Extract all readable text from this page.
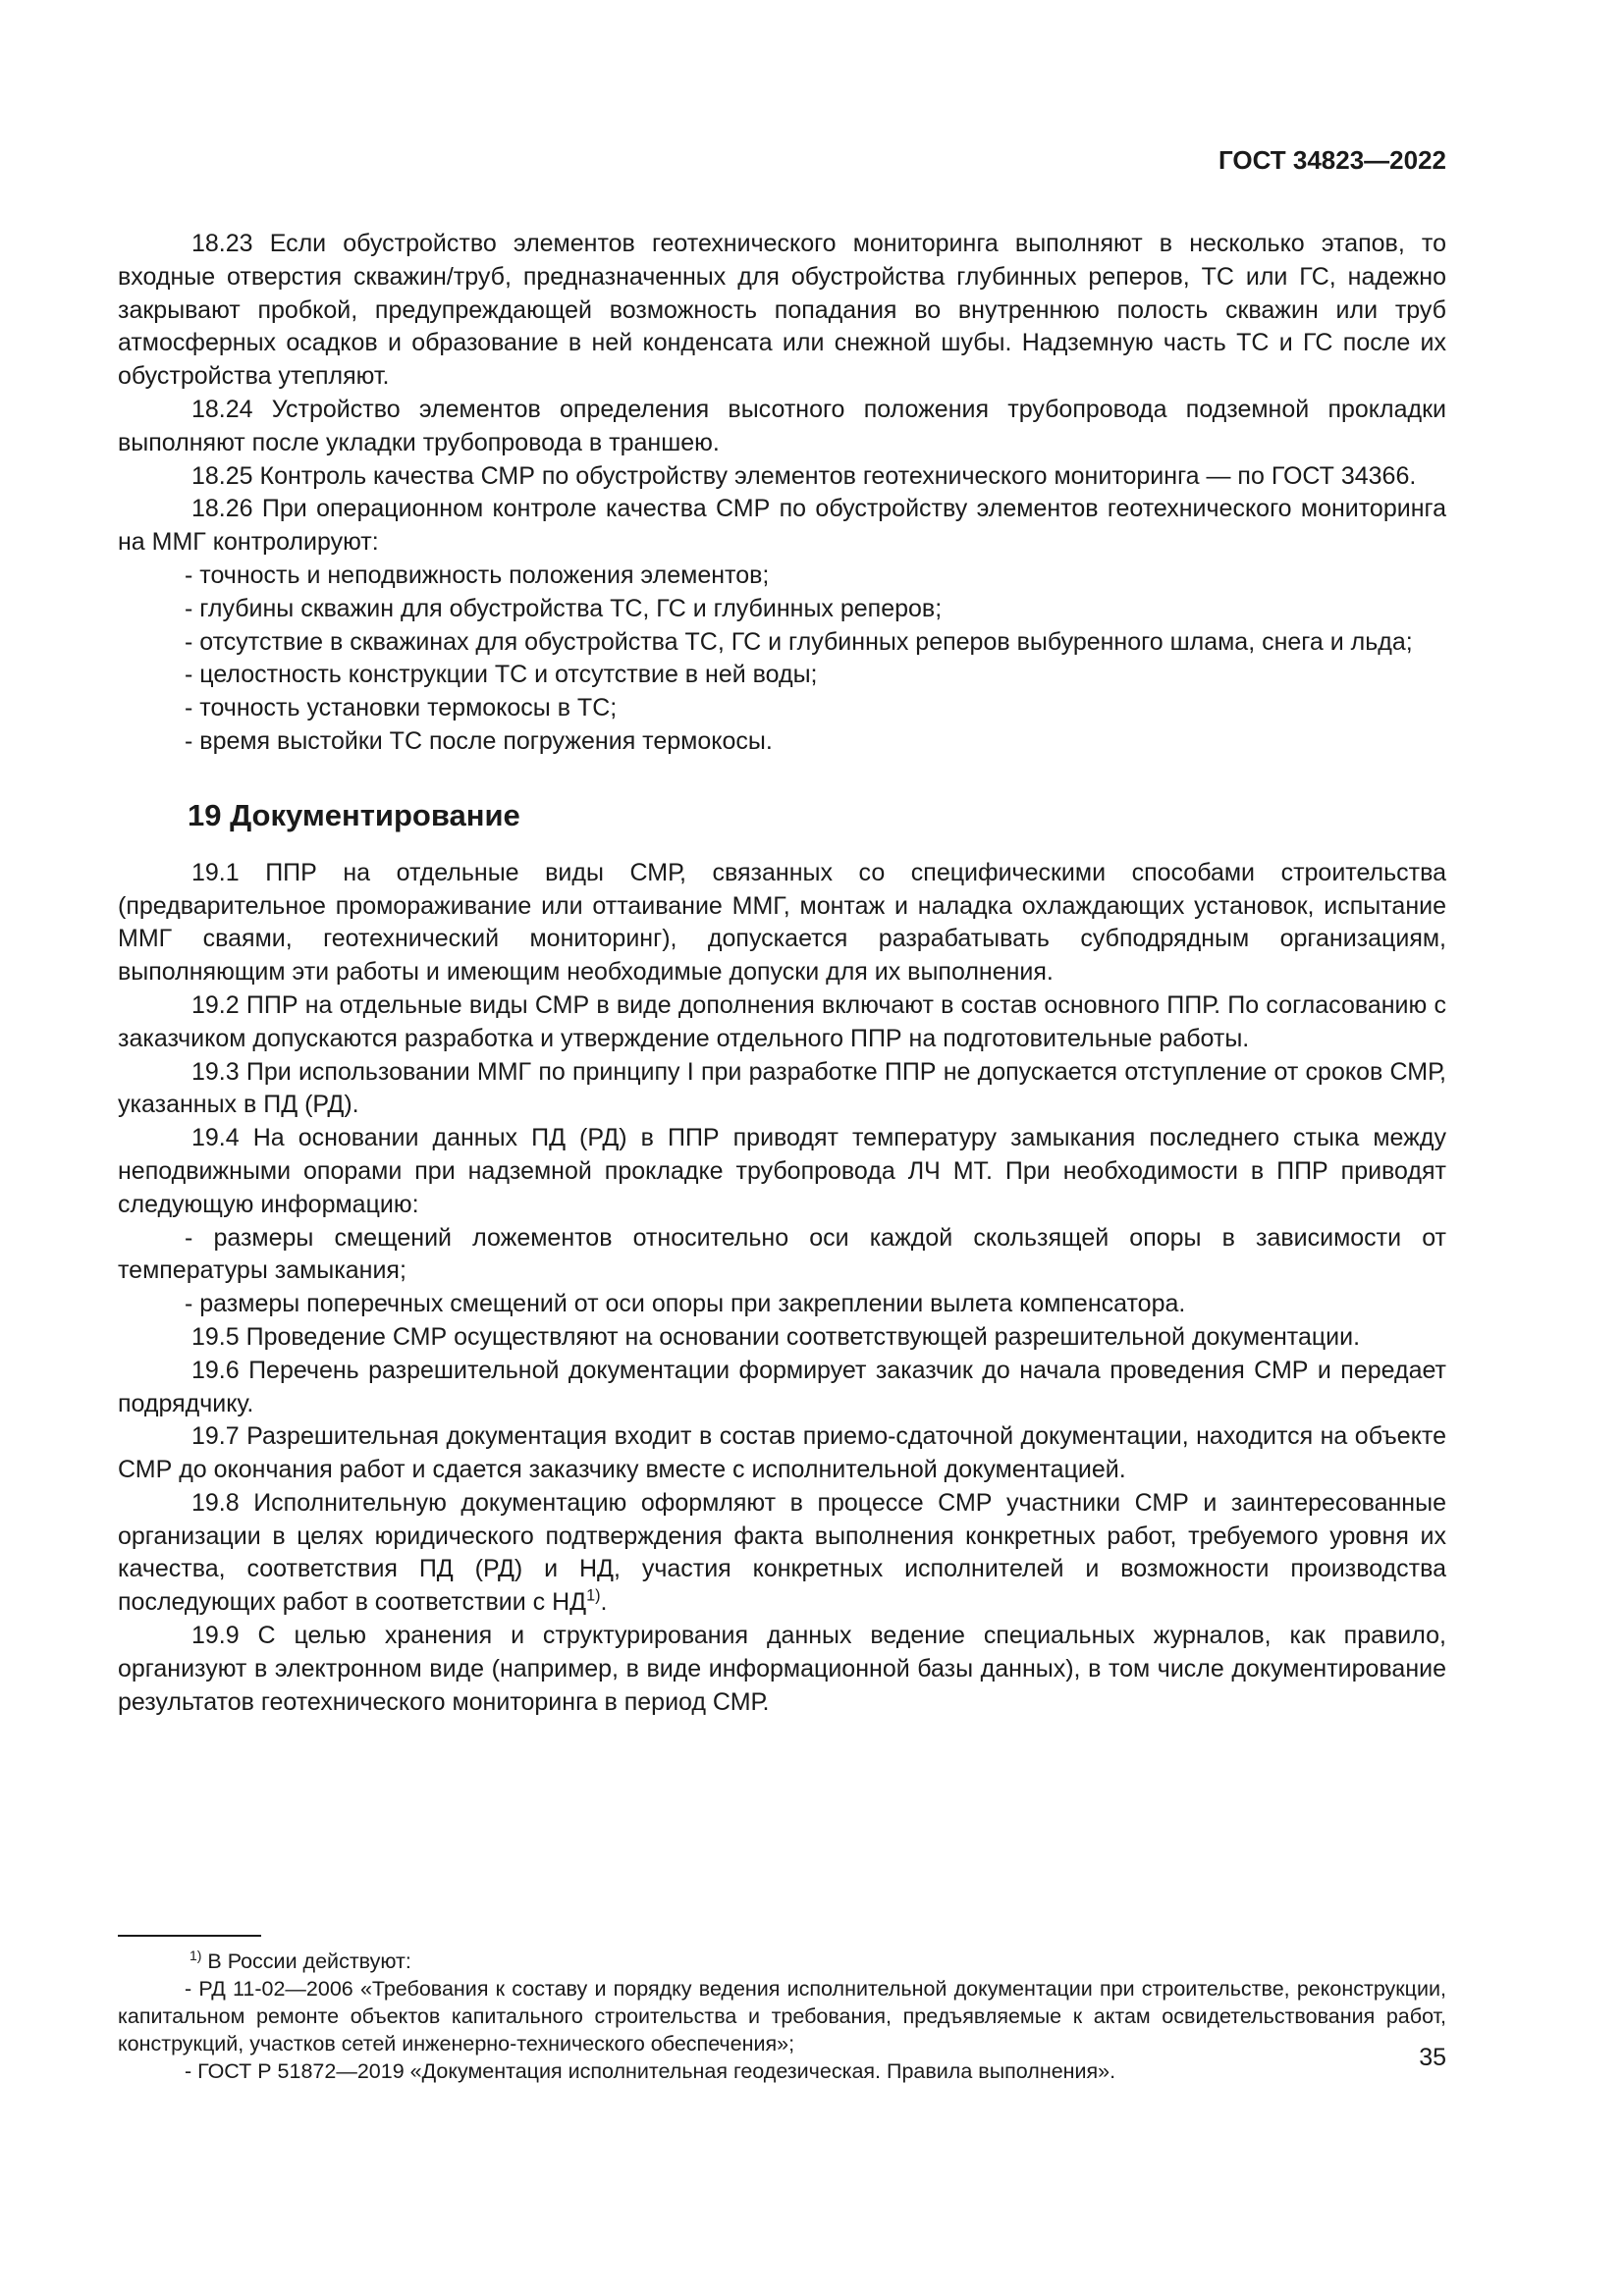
ГОСТ 34823—2022

18.23 Если обустройство элементов геотехнического мониторинга выполняют в несколько этапов, то входные отверстия скважин/труб, предназначенных для обустройства глубинных реперов, ТС или ГС, надежно закрывают пробкой, предупреждающей возможность попадания во внутреннюю полость скважин или труб атмосферных осадков и образование в ней конденсата или снежной шубы. Надземную часть ТС и ГС после их обустройства утепляют.

18.24 Устройство элементов определения высотного положения трубопровода подземной прокладки выполняют после укладки трубопровода в траншею.

18.25 Контроль качества СМР по обустройству элементов геотехнического мониторинга — по ГОСТ 34366.

18.26 При операционном контроле качества СМР по обустройству элементов геотехнического мониторинга на ММГ контролируют:

- точность и неподвижность положения элементов;

- глубины скважин для обустройства ТС, ГС и глубинных реперов;

- отсутствие в скважинах для обустройства ТС, ГС и глубинных реперов выбуренного шлама, снега и льда;

- целостность конструкции ТС и отсутствие в ней воды;

- точность установки термокосы в ТС;

- время выстойки ТС после погружения термокосы.

19 Документирование

19.1 ППР на отдельные виды СМР, связанных со специфическими способами строительства (предварительное промораживание или оттаивание ММГ, монтаж и наладка охлаждающих установок, испытание ММГ сваями, геотехнический мониторинг), допускается разрабатывать субподрядным организациям, выполняющим эти работы и имеющим необходимые допуски для их выполнения.

19.2 ППР на отдельные виды СМР в виде дополнения включают в состав основного ППР. По согласованию с заказчиком допускаются разработка и утверждение отдельного ППР на подготовительные работы.

19.3 При использовании ММГ по принципу I при разработке ППР не допускается отступление от сроков СМР, указанных в ПД (РД).

19.4 На основании данных ПД (РД) в ППР приводят температуру замыкания последнего стыка между неподвижными опорами при надземной прокладке трубопровода ЛЧ МТ. При необходимости в ППР приводят следующую информацию:

- размеры смещений ложементов относительно оси каждой скользящей опоры в зависимости от температуры замыкания;

- размеры поперечных смещений от оси опоры при закреплении вылета компенсатора.

19.5 Проведение СМР осуществляют на основании соответствующей разрешительной документации.

19.6 Перечень разрешительной документации формирует заказчик до начала проведения СМР и передает подрядчику.

19.7 Разрешительная документация входит в состав приемо-сдаточной документации, находится на объекте СМР до окончания работ и сдается заказчику вместе с исполнительной документацией.

19.8 Исполнительную документацию оформляют в процессе СМР участники СМР и заинтересованные организации в целях юридического подтверждения факта выполнения конкретных работ, требуемого уровня их качества, соответствия ПД (РД) и НД, участия конкретных исполнителей и возможности производства последующих работ в соответствии с НД$^{1)}$.

19.9 С целью хранения и структурирования данных ведение специальных журналов, как правило, организуют в электронном виде (например, в виде информационной базы данных), в том числе документирование результатов геотехнического мониторинга в период СМР.

$^{1)}$ В России действуют:

- РД 11-02—2006 «Требования к составу и порядку ведения исполнительной документации при строительстве, реконструкции, капитальном ремонте объектов капитального строительства и требования, предъявляемые к актам освидетельствования работ, конструкций, участков сетей инженерно-технического обеспечения»;

- ГОСТ Р 51872—2019 «Документация исполнительная геодезическая. Правила выполнения».	35
